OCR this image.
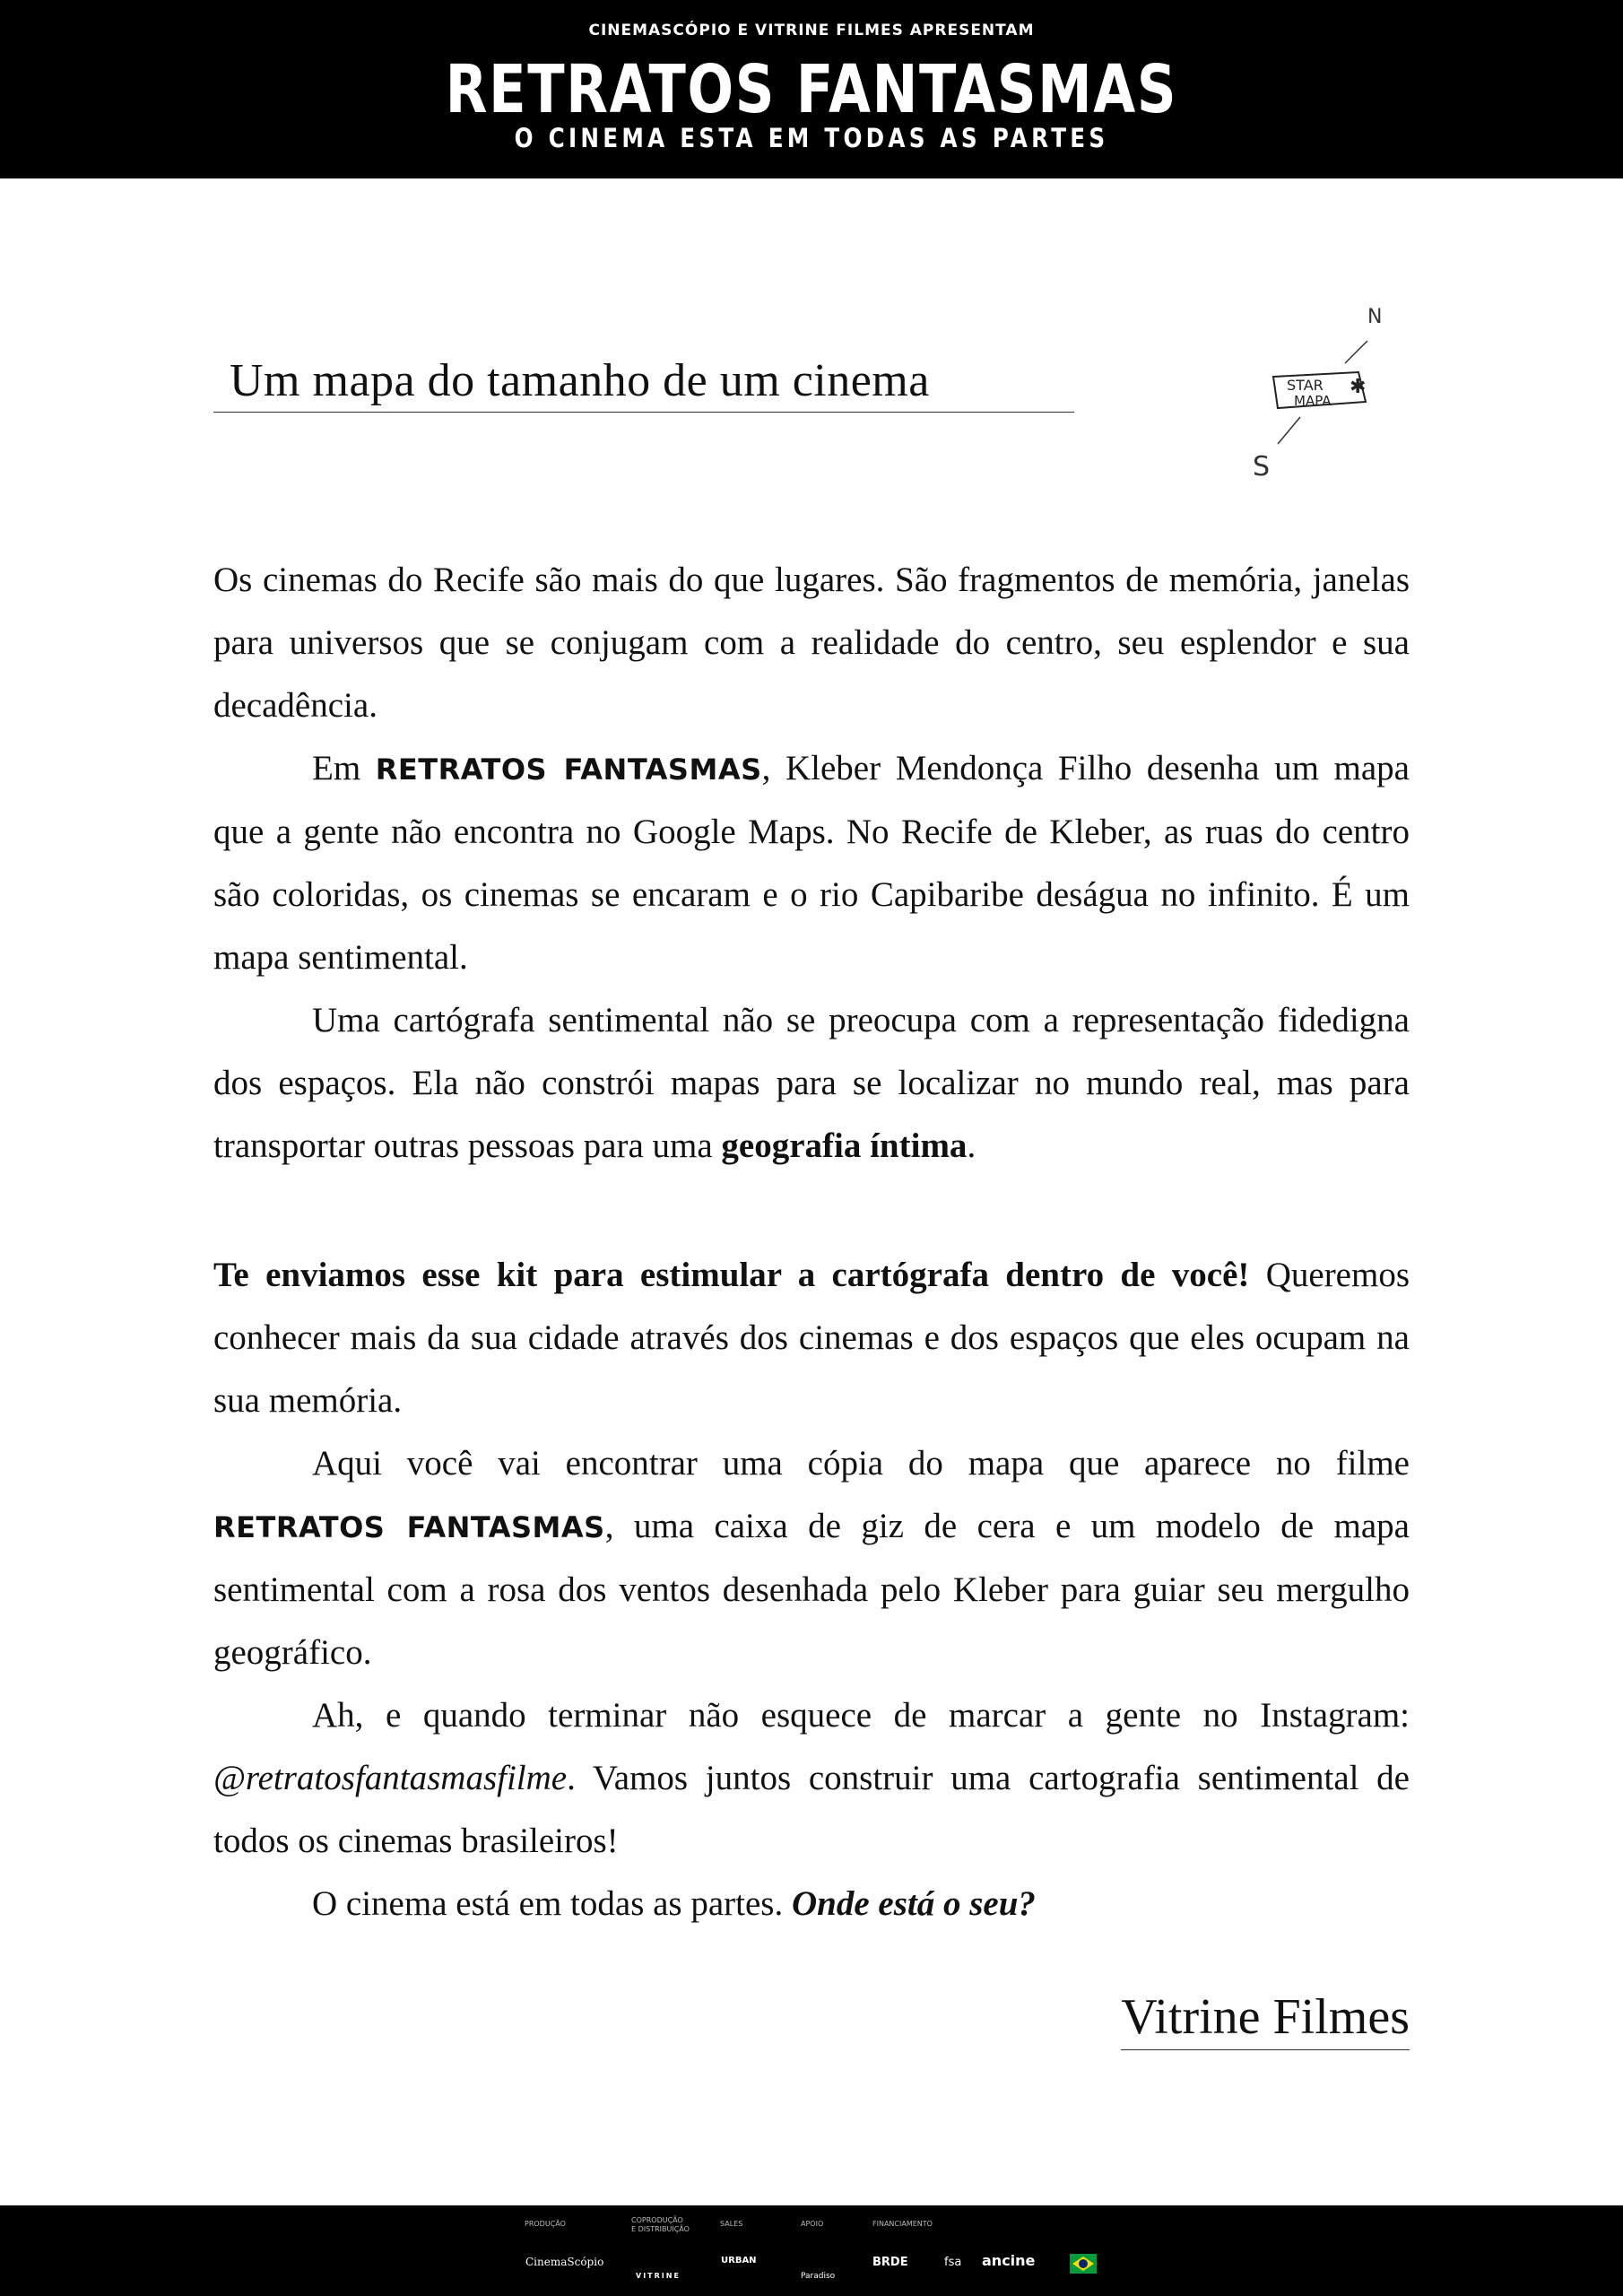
CINEMASCÓPIO E VITRINE FILMES APRESENTAM
RETRATOS FANTASMAS
O CINEMA ESTA EM TODAS AS PARTES
Um mapa do tamanho de um cinema
N
STAR
MAPA
✱
S

Os cinemas do Recife são mais do que lugares. São fragmentos de memória, janelas para universos que se conjugam com a realidade do centro, seu esplendor e sua decadência.

Em RETRATOS FANTASMAS, Kleber Mendonça Filho desenha um mapa que a gente não encontra no Google Maps. No Recife de Kleber, as ruas do centro são coloridas, os cinemas se encaram e o rio Capibaribe deságua no infinito. É um mapa sentimental.

Uma cartógrafa sentimental não se preocupa com a representação fidedigna dos espaços. Ela não constrói mapas para se localizar no mundo real, mas para transportar outras pessoas para uma geografia íntima.

Te enviamos esse kit para estimular a cartógrafa dentro de você! Queremos conhecer mais da sua cidade através dos cinemas e dos espaços que eles ocupam na sua memória.

Aqui você vai encontrar uma cópia do mapa que aparece no filme RETRATOS FANTASMAS, uma caixa de giz de cera e um modelo de mapa sentimental com a rosa dos ventos desenhada pelo Kleber para guiar seu mergulho geográfico.

Ah, e quando terminar não esquece de marcar a gente no Instagram: @retratosfantasmasfilme. Vamos juntos construir uma cartografia sentimental de todos os cinemas brasileiros!

O cinema está em todas as partes. Onde está o seu?

Vitrine Filmes
PRODUÇÃO	COPRODUÇÃO
E DISTRIBUIÇÃO
SALES	APOIO	FINANCIAMENTO
CinemaScópio
VITRINE
URBAN
Paradiso
BRDE	fsa ancine
